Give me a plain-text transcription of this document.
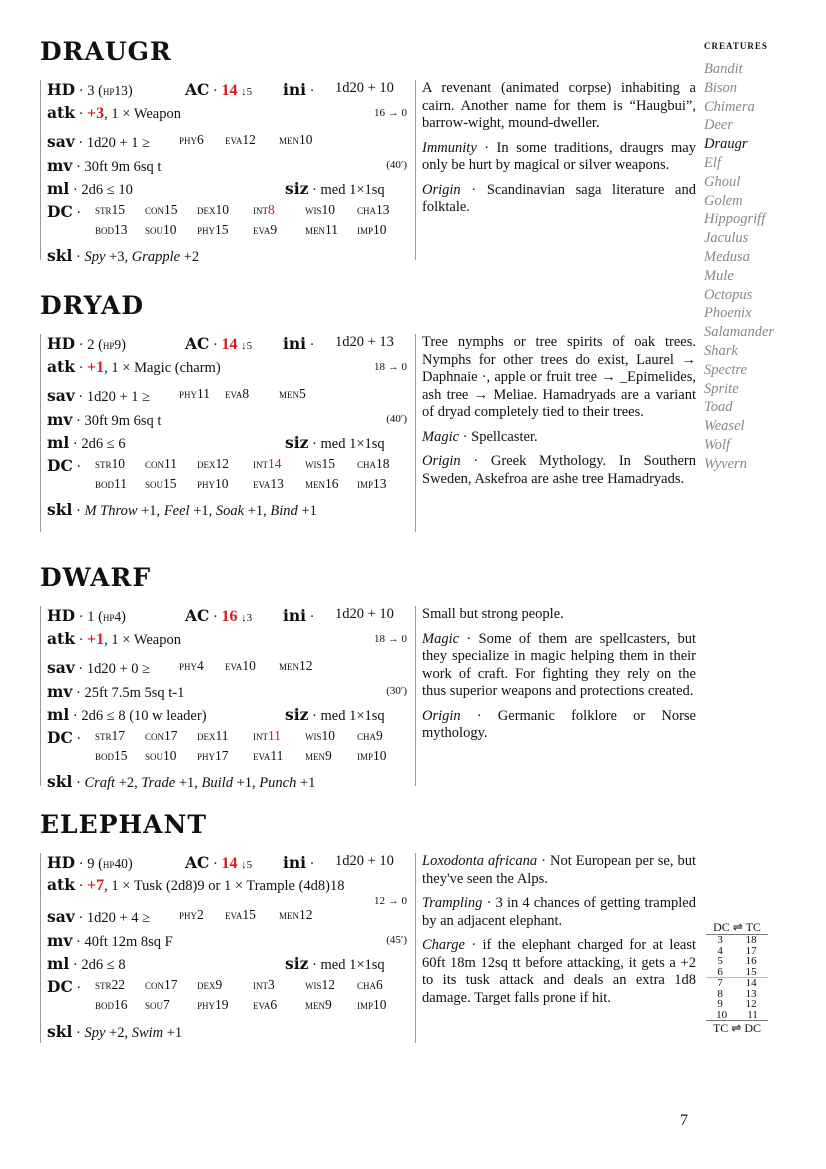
DRAUGR
HD · 3 (hp13)	AC · 14 ↓5 ini · 1d20 + 10
atk · +3, 1 × Weapon	16 → 0
sav · 1d20 + 1 ≥ phy6 eva12 men10
mv · 30ft 9m 6sq t	(40′)
ml · 2d6 ≤ 10	siz · med 1×1sq
DC · str15 con15 dex10 int8 wis10 cha13
bod13 sou10 phy15 eva9 men11 imp10
skl · Spy +3, Grapple +2

A revenant (animated corpse) inhabiting a cairn. Another name for them is “Haugbui”, barrow-wight, mound-dweller.

Immunity · In some traditions, draugrs may only be hurt by magical or silver weapons.

Origin · Scandinavian saga literature and folktale.

DRYAD
HD · 2 (hp9)	AC · 14 ↓5 ini · 1d20 + 13
atk · +1, 1 × Magic (charm)	18 → 0
sav · 1d20 + 1 ≥ phy11 eva8 men5
mv · 30ft 9m 6sq t	(40′)
ml · 2d6 ≤ 6	siz · med 1×1sq
DC · str10 con11 dex12 int14 wis15 cha18
bod11 sou15 phy10 eva13 men16 imp13
skl · M Throw +1, Feel +1, Soak +1, Bind +1

Tree nymphs or tree spirits of oak trees. Nymphs for other trees do exist, Laurel → Daphnaie ·, apple or fruit tree → _Epimelides, ash tree → Meliae. Hamadryads are a variant of dryad completely tied to their trees.

Magic · Spellcaster.

Origin · Greek Mythology. In Southern Sweden, Askefroa are ashe tree Hamadryads.

DWARF
HD · 1 (hp4)	AC · 16 ↓3 ini · 1d20 + 10
atk · +1, 1 × Weapon	18 → 0
sav · 1d20 + 0 ≥ phy4 eva10 men12
mv · 25ft 7.5m 5sq t-1	(30′)
ml · 2d6 ≤ 8 (10 w leader)	siz · med 1×1sq
DC · str17 con17 dex11 int11 wis10 cha9
bod15 sou10 phy17 eva11 men9 imp10
skl · Craft +2, Trade +1, Build +1, Punch +1

Small but strong people.

Magic · Some of them are spellcasters, but they specialize in magic helping them in their work of craft. For fighting they rely on the thus superior weapons and protections created.

Origin · Germanic folklore or Norse mythology.

ELEPHANT
HD · 9 (hp40)	AC · 14 ↓5 ini · 1d20 + 10
atk · +7, 1 × Tusk (2d8)9 or 1 × Trample (4d8)18
12 → 0
sav · 1d20 + 4 ≥ phy2 eva15 men12
mv · 40ft 12m 8sq F	(45′)
ml · 2d6 ≤ 8	siz · med 1×1sq
DC · str22 con17 dex9 int3 wis12 cha6
bod16 sou7 phy19 eva6 men9 imp10
skl · Spy +2, Swim +1

Loxodonta africana · Not European per se, but they've seen the Alps.

Trampling · 3 in 4 chances of getting trampled by an adjacent elephant.

Charge · if the elephant charged for at least 60ft 18m 12sq tt before attacking, it gets a +2 to its tusk attack and deals an extra 1d8 damage. Target falls prone if hit.

creatures
Bandit
Bison
Chimera
Deer
Draugr
Elf
Ghoul
Golem
Hippogriff
Jaculus
Medusa
Mule
Octopus
Phoenix
Salamander
Shark
Spectre
Sprite
Toad
Weasel
Wolf
Wyvern
DC ⇌ TC
3 18
4 17
5 16
6 15
7 14
8 13
9 12
10 11
TC ⇌ DC
7
